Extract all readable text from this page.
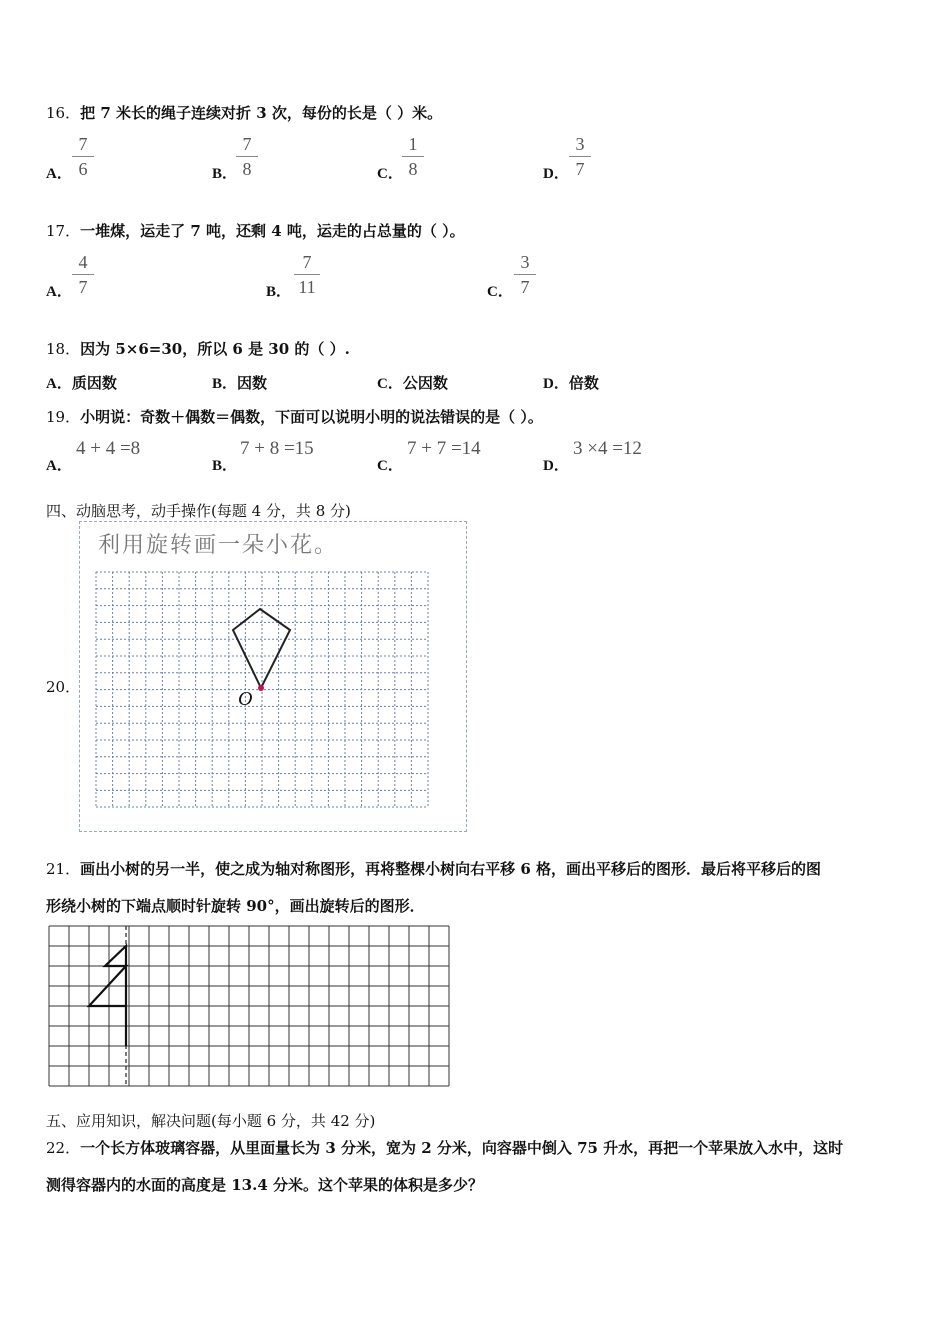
16．把 7 米长的绳子连续对折 3 次，每份的长是（ ）米。
A．
7
6	B．
7
8	C．
1
8	D．
3
7
17．一堆煤，运走了 7 吨，还剩 4 吨，运走的占总量的（ ）。
A．
4
7	B．
7
11	C．
3
7
18．因为 5×6=30，所以 6 是 30 的（ ）.
A．质因数	B．因数	C．公因数	D．倍数
19．小明说：奇数＋偶数＝偶数，下面可以说明小明的说法错误的是（ ）。
A．
4 + 4 =8
B．
7 + 8 =15
C．
7 + 7 =14
D．
3 ×4 =12
四、动脑思考，动手操作(每题 4 分，共 8 分)
20．
利用旋转画一朵小花。
O
21．画出小树的另一半，使之成为轴对称图形，再将整棵小树向右平移 6 格，画出平移后的图形．最后将平移后的图
形绕小树的下端点顺时针旋转 90°，画出旋转后的图形．
五、应用知识，解决问题(每小题 6 分，共 42 分)
22．一个长方体玻璃容器，从里面量长为 3 分米，宽为 2 分米，向容器中倒入 75 升水，再把一个苹果放入水中，这时
测得容器内的水面的高度是 13.4 分米。这个苹果的体积是多少？
